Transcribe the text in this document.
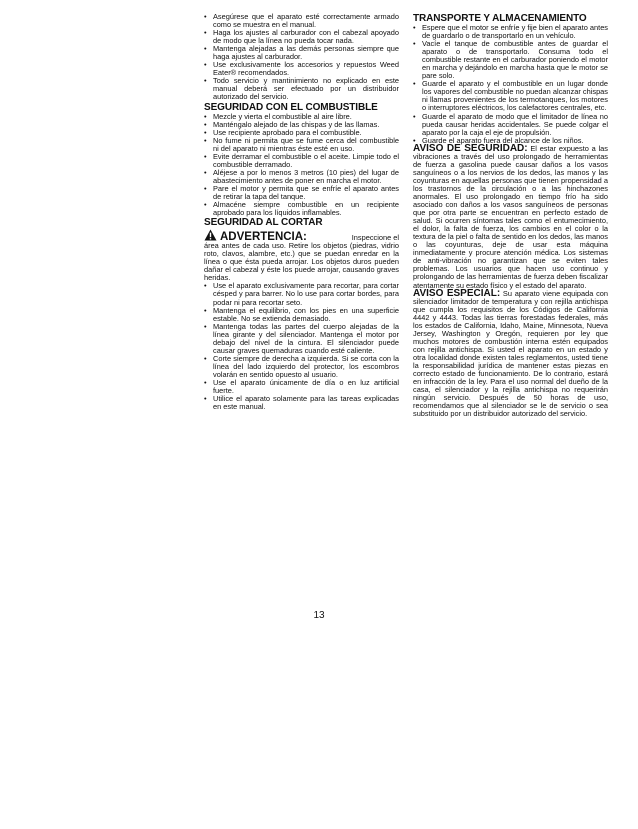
• Asegúrese que el aparato esté correctamente armado como se muestra en el manual.
• Haga los ajustes al carburador con el cabezal apoyado de modo que la línea no pueda tocar nada.
• Mantenga alejadas a las demás personas siempre que haga ajustes al carburador.
• Use exclusivamente los accesorios y repuestos Weed Eater® recomendados.
• Todo servicio y mantinimiento no explicado en este manual deberá ser efectuado por un distribuidor autorizado del servicio.
SEGURIDAD CON EL COMBUSTIBLE
• Mezcle y vierta el combustible al aire libre.
• Manténgalo alejado de las chispas y de las llamas.
• Use recipiente aprobado para el combustible.
• No fume ni permita que se fume cerca del combustible ni del aparato ni mientras éste esté en uso.
• Evite derramar el combustible o el aceite. Limpie todo el combustible derramado.
• Aléjese a por lo menos 3 metros (10 pies) del lugar de abastecimiento antes de poner en marcha el motor.
• Pare el motor y permita que se enfríe el aparato antes de retirar la tapa del tanque.
• Almacéne siempre combustible en un recipiente aprobado para los líquidos inflamables.
SEGURIDAD AL CORTAR
ADVERTENCIA:	Inspeccione el

área antes de cada uso. Retire los objetos (piedras, vidrio roto, clavos, alambre, etc.) que se puedan enredar en la línea o que ésta pueda arrojar. Los objetos duros pueden dañar el cabezal y éste los puede arrojar, causando graves heridas.

• Use el aparato exclusivamente para recortar, para cortar césped y para barrer. No lo use para cortar bordes, para podar ni para recortar seto.
• Mantenga el equilibrio, con los pies en una superficie estable. No se extienda demasiado.
• Mantenga todas las partes del cuerpo alejadas de la línea girante y del silenciador. Mantenga el motor por debajo del nivel de la cintura. El silenciador puede causar graves quemaduras cuando esté caliente.
• Corte siempre de derecha a izquierda. Si se corta con la línea del lado izquierdo del protector, los escombros volarán en sentido opuesto al usuario.
• Use el aparato únicamente de día o en luz artificial fuerte.
• Utilice el aparato solamente para las tareas explicadas en este manual.
TRANSPORTE Y ALMACENAMIENTO
• Espere que el motor se enfríe y fije bien el aparato antes de guardarlo o de transportarlo en un vehículo.
• Vacíe el tanque de combustible antes de guardar el aparato o de transportarlo. Consuma todo el combustible restante en el carburador poniendo el motor en marcha y dejándolo en marcha hasta que le motor se pare solo.
• Guarde el aparato y el combustible en un lugar donde los vapores del combustible no puedan alcanzar chispas ni llamas provenientes de los termotanques, los motores o interruptores eléctricos, los calefactores centrales, etc.
• Guarde el aparato de modo que el limitador de línea no pueda causar heridas accidentales. Se puede colgar el aparato por la caja el eje de propulsión.
• Guarde el aparato fuera del alcance de los niños.

AVISO DE SEGURIDAD: El estar expuesto a las vibraciones a través del uso prolongado de herramientas de fuerza a gasolina puede causar daños a los vasos sanguíneos o a los nervios de los dedos, las manos y las coyunturas en aquellas personas que tienen propensidad a los trastornos de la circulación o a las hinchazones anormales. El uso prolongado en tiempo frío ha sido asociado con daños a los vasos sanguíneos de personas que por otra parte se encuentran en perfecto estado de salud. Si ocurren síntomas tales como el entumecimiento, el dolor, la falta de fuerza, los cambios en el color o la textura de la piel o falta de sentido en los dedos, las manos o las coyunturas, deje de usar esta máquina inmediatamente y procure atención médica. Los sistemas de anti-vibración no garantizan que se eviten tales problemas. Los usuarios que hacen uso continuo y prolongando de las herramientas de fuerza deben fiscalizar atentamente su estado físico y el estado del aparato.

AVISO ESPECIAL: Su aparato viene equipada con silenciador limitador de temperatura y con rejilla antichispa que cumpla los requisitos de los Códigos de California 4442 y 4443. Todas las tierras forestadas federales, más los estados de California, Idaho, Maine, Minnesota, Nueva Jersey, Washington y Oregón, requieren por ley que muchos motores de combustión interna estén equipados con rejilla antichispa. Si usted el aparato en un estado y otra localidad donde existen tales reglamentos, usted tiene la responsabilidad jurídica de mantener estas piezas en correcto estado de funcionamiento. De lo contrario, estará en infracción de la ley. Para el uso normal del dueño de la casa, el silenciador y la rejilla antichispa no requerirán ningún servicio. Después de 50 horas de uso, recomendamos que al silenciador se le de servicio o sea substituido por un distribuidor autorizado del servicio.

13
